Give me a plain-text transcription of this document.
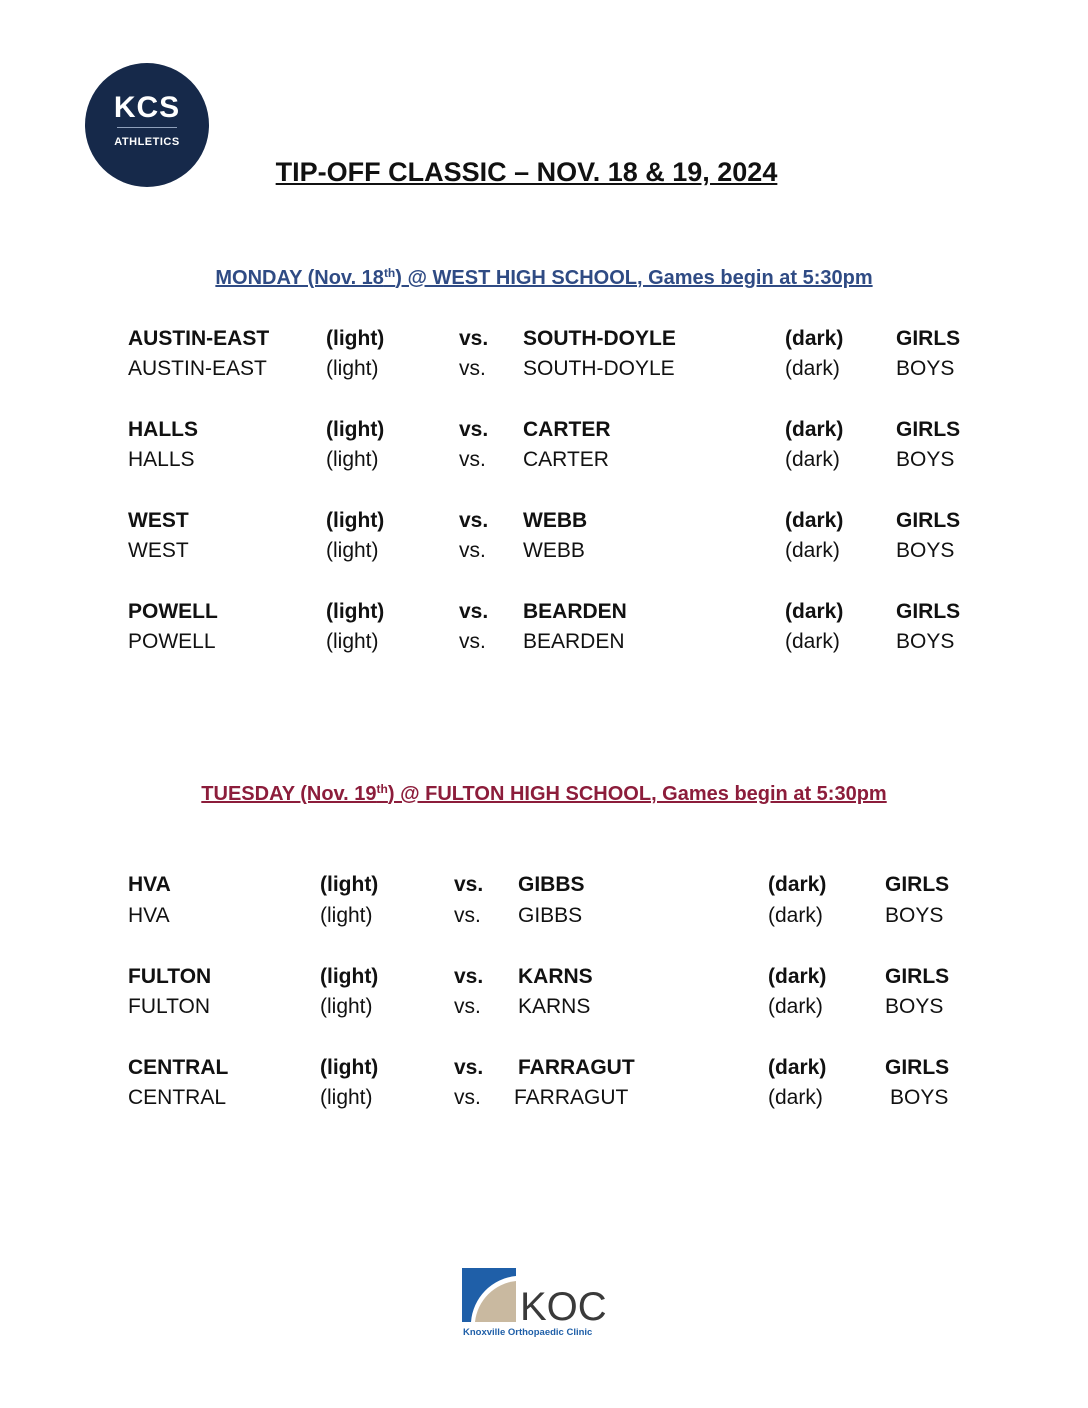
KCS
ATHLETICS
TIP-OFF CLASSIC – NOV. 18 & 19, 2024
MONDAY (Nov. 18th) @ WEST HIGH SCHOOL, Games begin at 5:30pm
AUSTIN-EAST	(light)	vs. SOUTH-DOYLE	(dark)	GIRLS
AUSTIN-EAST	(light)	vs. SOUTH-DOYLE	(dark)	BOYS
HALLS	(light)	vs. CARTER	(dark)	GIRLS
HALLS	(light)	vs. CARTER	(dark)	BOYS
WEST	(light)	vs. WEBB	(dark)	GIRLS
WEST	(light)	vs. WEBB	(dark)	BOYS
POWELL	(light)	vs. BEARDEN	(dark)	GIRLS
POWELL	(light)	vs. BEARDEN	(dark)	BOYS
TUESDAY (Nov. 19th) @ FULTON HIGH SCHOOL, Games begin at 5:30pm
HVA	(light)	vs. GIBBS	(dark)	GIRLS
HVA	(light)	vs. GIBBS	(dark)	BOYS
FULTON	(light)	vs. KARNS	(dark)	GIRLS
FULTON	(light)	vs. KARNS	(dark)	BOYS
CENTRAL	(light)	vs. FARRAGUT	(dark)	GIRLS
CENTRAL	(light)	vs. FARRAGUT	(dark)	BOYS
KOC
Knoxville Orthopaedic Clinic
